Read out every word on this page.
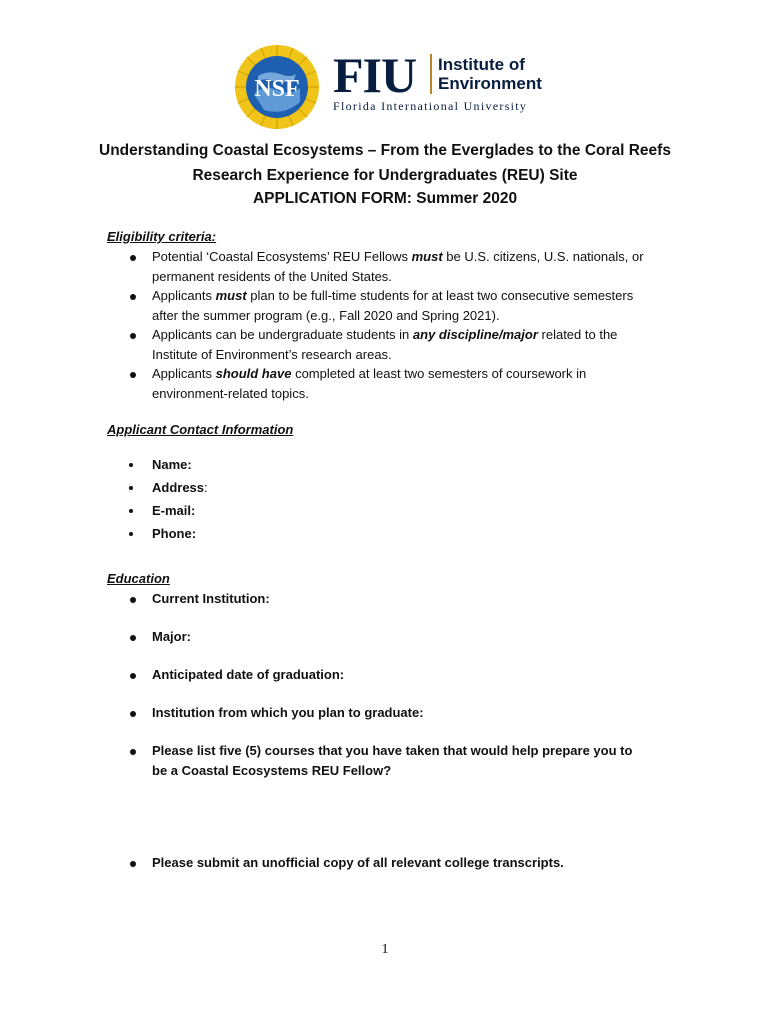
NSF FIU Institute of
Environment
Florida International University
Understanding Coastal Ecosystems – From the Everglades to the Coral Reefs
Research Experience for Undergraduates (REU) Site
APPLICATION FORM: Summer 2020
Eligibility criteria:
Potential ‘Coastal Ecosystems’ REU Fellows must be U.S. citizens, U.S. nationals, or permanent residents of the United States.
Applicants must plan to be full-time students for at least two consecutive semesters after the summer program (e.g., Fall 2020 and Spring 2021).
Applicants can be undergraduate students in any discipline/major related to the Institute of Environment’s research areas.
Applicants should have completed at least two semesters of coursework in environment-related topics.
Applicant Contact Information
Name:
Address:
E-mail:
Phone:
Education
Current Institution:
Major:
Anticipated date of graduation:
Institution from which you plan to graduate:
Please list five (5) courses that you have taken that would help prepare you to be a Coastal Ecosystems REU Fellow?
Please submit an unofficial copy of all relevant college transcripts.
1
